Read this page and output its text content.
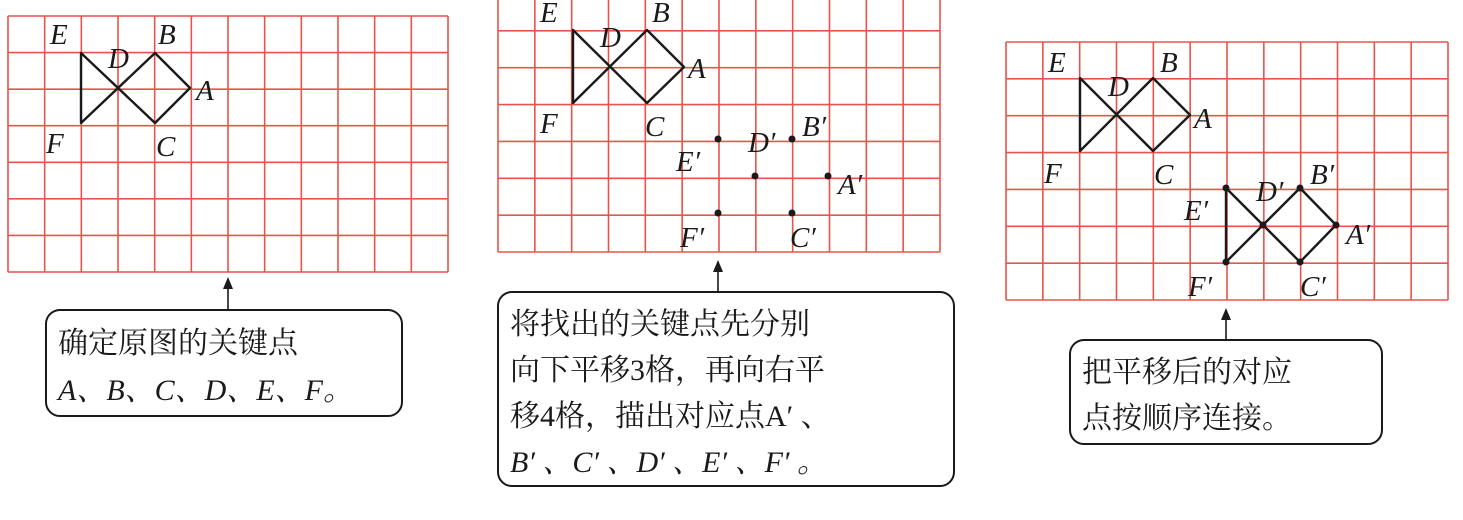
E
D
B
A
F	C
确定原图的关键点
A、B、C、D、E、F。
E
D
B
A
F	C
E′
D′ B′
A′
F′	C′
将找出的关键点先分别
向下平移3格，再向右平
移4格，描出对应点A′ 、
B′ 、C′ 、D′ 、E′ 、F′ 。
E
D
B
A
F	C
E′
D′
B′
A′
F′	C′
把平移后的对应
点按顺序连接。
